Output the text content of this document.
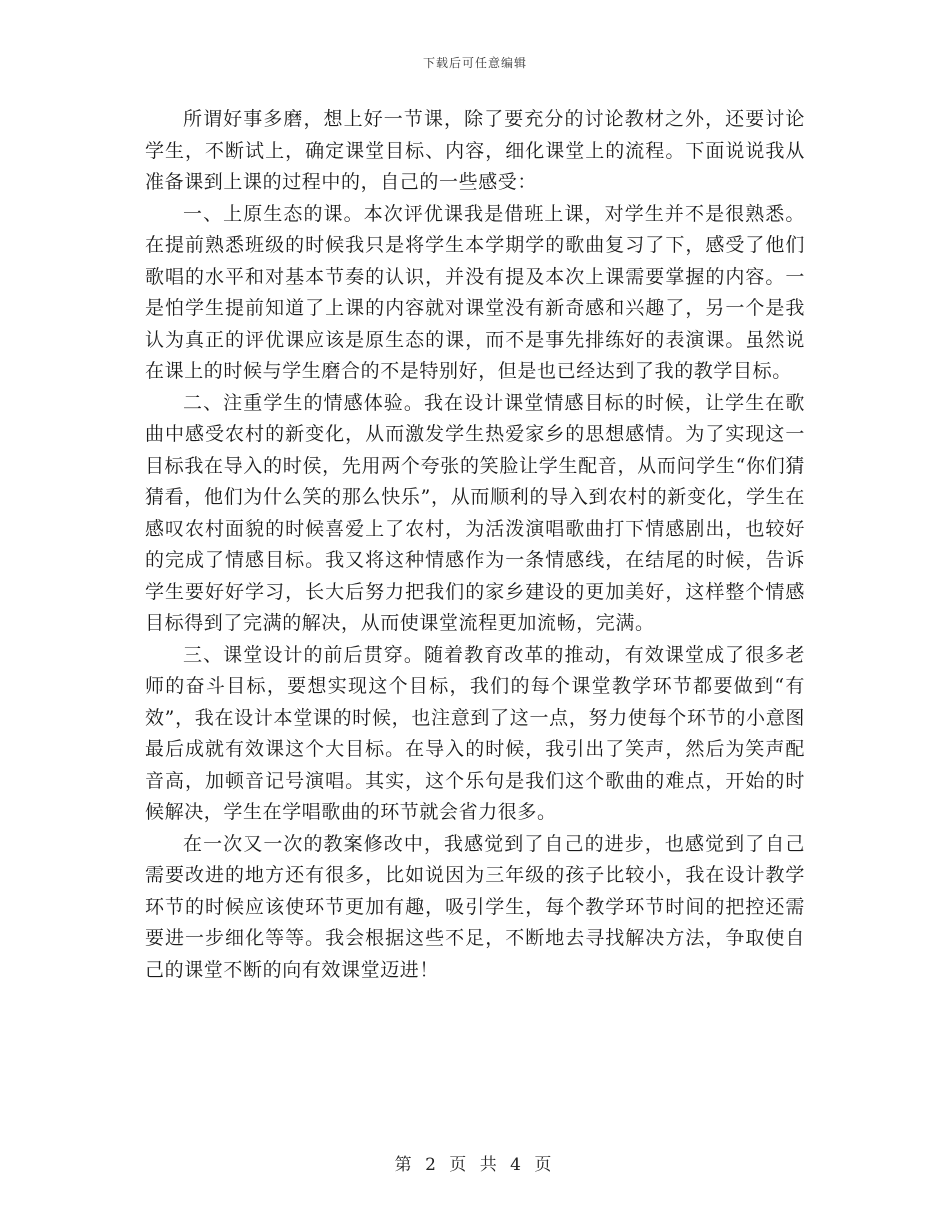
下载后可任意编辑

所谓好事多磨，想上好一节课，除了要充分的讨论教材之外，还要讨论学生，不断试上，确定课堂目标、内容，细化课堂上的流程。下面说说我从准备课到上课的过程中的，自己的一些感受：

一、上原生态的课。本次评优课我是借班上课，对学生并不是很熟悉。在提前熟悉班级的时候我只是将学生本学期学的歌曲复习了下，感受了他们歌唱的水平和对基本节奏的认识，并没有提及本次上课需要掌握的内容。一是怕学生提前知道了上课的内容就对课堂没有新奇感和兴趣了，另一个是我认为真正的评优课应该是原生态的课，而不是事先排练好的表演课。虽然说在课上的时候与学生磨合的不是特别好，但是也已经达到了我的教学目标。

二、注重学生的情感体验。我在设计课堂情感目标的时候，让学生在歌曲中感受农村的新变化，从而激发学生热爱家乡的思想感情。为了实现这一目标我在导入的时侯，先用两个夸张的笑脸让学生配音，从而问学生“你们猜猜看，他们为什么笑的那么快乐”，从而顺利的导入到农村的新变化，学生在感叹农村面貌的时候喜爱上了农村，为活泼演唱歌曲打下情感剧出，也较好的完成了情感目标。我又将这种情感作为一条情感线，在结尾的时候，告诉学生要好好学习，长大后努力把我们的家乡建设的更加美好，这样整个情感目标得到了完满的解决，从而使课堂流程更加流畅，完满。

三、课堂设计的前后贯穿。随着教育改革的推动，有效课堂成了很多老师的奋斗目标，要想实现这个目标，我们的每个课堂教学环节都要做到“有效”，我在设计本堂课的时候，也注意到了这一点，努力使每个环节的小意图最后成就有效课这个大目标。在导入的时候，我引出了笑声，然后为笑声配音高，加顿音记号演唱。其实，这个乐句是我们这个歌曲的难点，开始的时候解决，学生在学唱歌曲的环节就会省力很多。

在一次又一次的教案修改中，我感觉到了自己的进步，也感觉到了自己需要改进的地方还有很多，比如说因为三年级的孩子比较小，我在设计教学环节的时候应该使环节更加有趣，吸引学生，每个教学环节时间的把控还需要进一步细化等等。我会根据这些不足，不断地去寻找解决方法，争取使自己的课堂不断的向有效课堂迈进！

第 2 页 共 4 页
